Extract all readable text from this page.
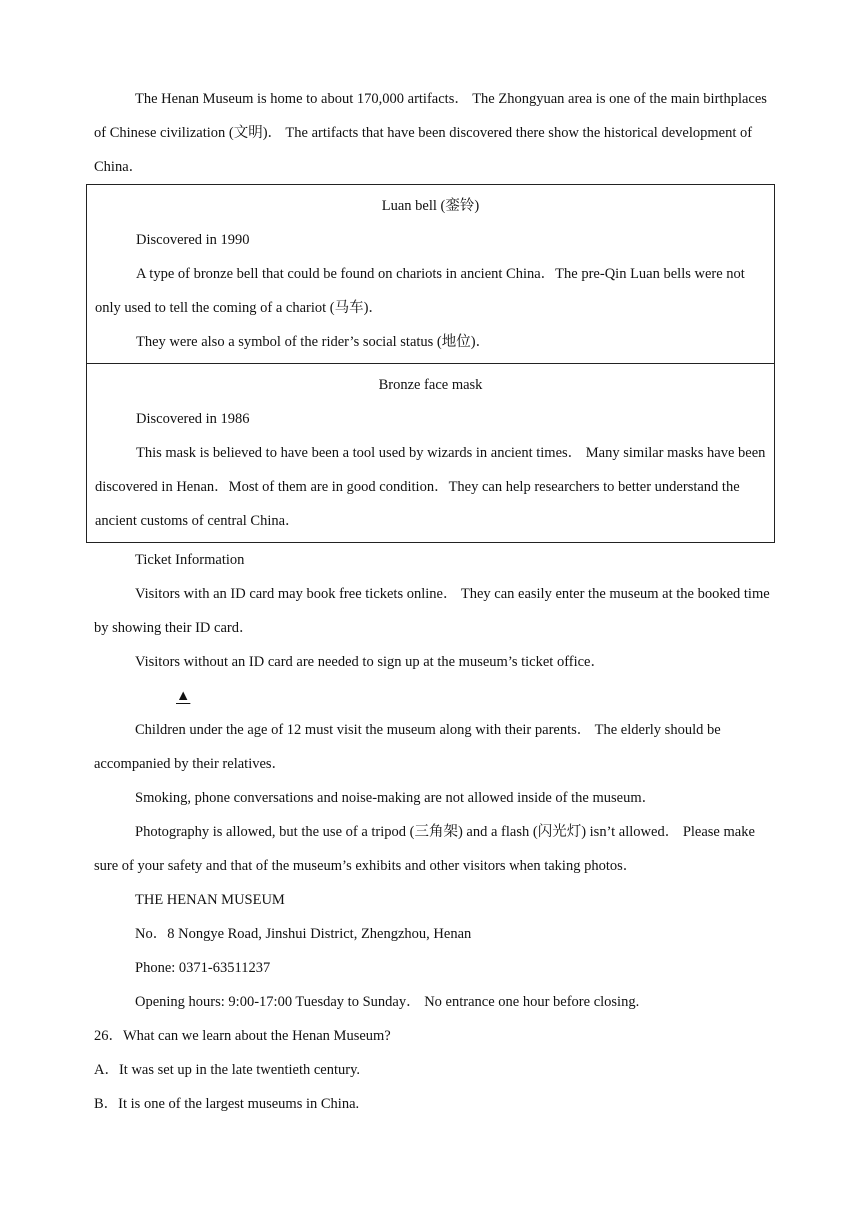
The Henan Museum is home to about 170,000 artifacts． The Zhongyuan area is one of the main birthplaces of Chinese civilization (文明)． The artifacts that have been discovered there show the historical development of China．

Luan bell (銮铃)

Discovered in 1990

A type of bronze bell that could be found on chariots in ancient China．The pre-Qin Luan bells were not only used to tell the coming of a chariot (马车)．

They were also a symbol of the rider’s social status (地位)．

Bronze face mask

Discovered in 1986

This mask is believed to have been a tool used by wizards in ancient times． Many similar masks have been discovered in Henan．Most of them are in good condition．They can help researchers to better understand the ancient customs of central China．

Ticket Information

Visitors with an ID card may book free tickets online． They can easily enter the museum at the booked time by showing their ID card．

Visitors without an ID card are needed to sign up at the museum’s ticket office．

▲

Children under the age of 12 must visit the museum along with their parents． The elderly should be accompanied by their relatives．

Smoking, phone conversations and noise-making are not allowed inside of the museum．

Photography is allowed, but the use of a tripod (三角架) and a flash (闪光灯) isn’t allowed． Please make sure of your safety and that of the museum’s exhibits and other visitors when taking photos．

THE HENAN MUSEUM

No．8 Nongye Road, Jinshui District, Zhengzhou, Henan

Phone: 0371-63511237

Opening hours: 9:00-17:00 Tuesday to Sunday． No entrance one hour before closing.

26．What can we learn about the Henan Museum?

A．It was set up in the late twentieth century.

B．It is one of the largest museums in China.
